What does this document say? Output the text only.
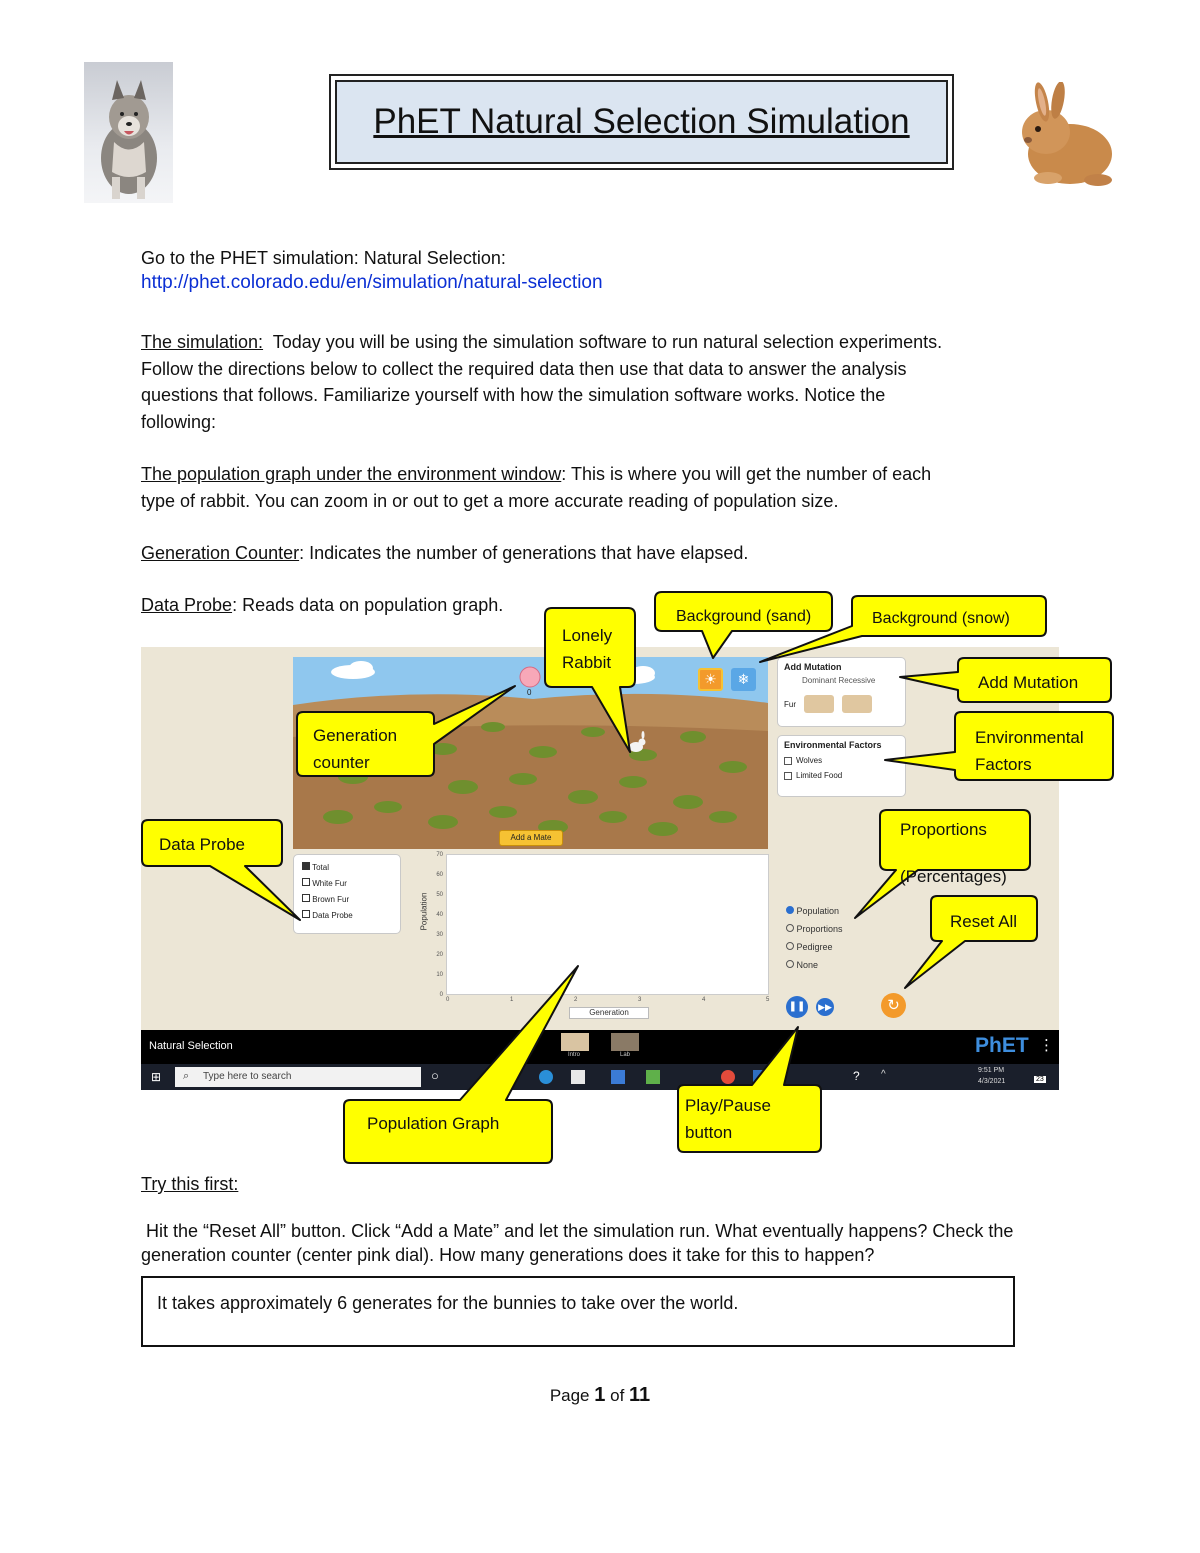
PhET Natural Selection Simulation
Go to the PHET simulation: Natural Selection:
http://phet.colorado.edu/en/simulation/natural-selection
The simulation: Today you will be using the simulation software to run natural selection experiments.
Follow the directions below to collect the required data then use that data to answer the analysis
questions that follows. Familiarize yourself with how the simulation software works. Notice the
following:
The population graph under the environment window: This is where you will get the number of each
type of rabbit. You can zoom in or out to get a more accurate reading of population size.
Generation Counter: Indicates the number of generations that have elapsed.
Data Probe: Reads data on population graph.
0
Add a Mate
☀	❄
Add Mutation
Dominant Recessive
Fur
Environmental Factors
Wolves
Limited Food
Total
White Fur
Brown Fur
Data Probe	Population
70
60
50
40
30
20
10
0
Generation
Population
Proportions
Pedigree
None
❚❚ ▶▶	↻
Natural Selection
Intro	Lab	PhET ⋮
⊞	○	? ^	9:51 PM
4/3/2021	23
⌕ Type here to search
0	1	2	3	4	5
Lonely
Rabbit
Background (sand)	Background (snow)
Add Mutation
Environmental
Factors
Generation
counter
Data Probe
Proportions
(Percentages)
Reset All
Population Graph
Play/Pause
button
Try this first:
Hit the “Reset All” button. Click “Add a Mate” and let the simulation run. What eventually happens? Check the
generation counter (center pink dial). How many generations does it take for this to happen?
It takes approximately 6 generates for the bunnies to take over the world.
Page 1 of 11
